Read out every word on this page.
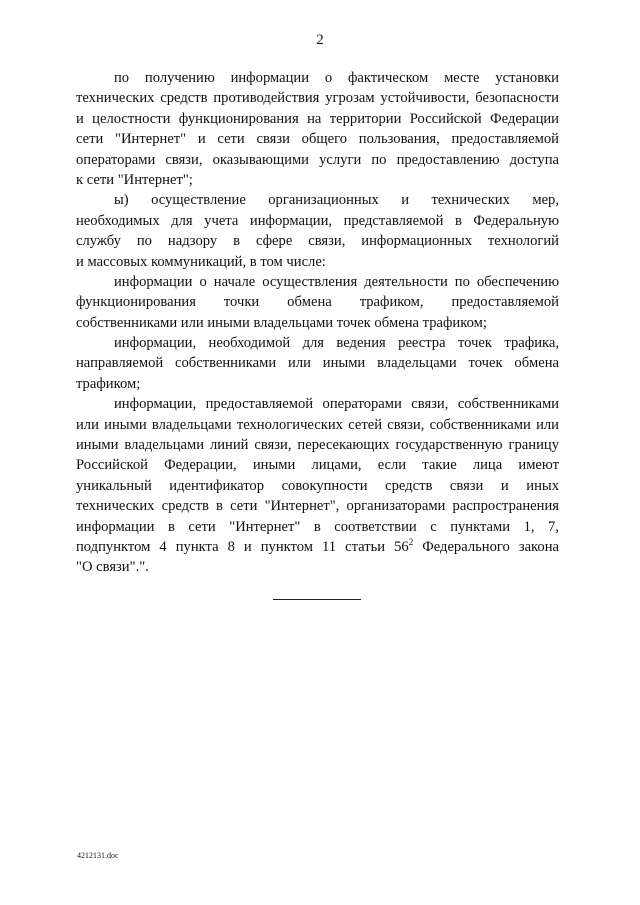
2
по получению информации о фактическом месте установки
технических средств противодействия угрозам устойчивости, безопасности
и целостности функционирования на территории Российской Федерации
сети "Интернет" и сети связи общего пользования, предоставляемой
операторами связи, оказывающими услуги по предоставлению доступа
к сети "Интернет";
ы) осуществление организационных и технических мер,
необходимых для учета информации, представляемой в Федеральную
службу по надзору в сфере связи, информационных технологий
и массовых коммуникаций, в том числе:
информации о начале осуществления деятельности по обеспечению
функционирования точки обмена трафиком, предоставляемой
собственниками или иными владельцами точек обмена трафиком;
информации, необходимой для ведения реестра точек трафика,
направляемой собственниками или иными владельцами точек обмена
трафиком;
информации, предоставляемой операторами связи, собственниками
или иными владельцами технологических сетей связи, собственниками или
иными владельцами линий связи, пересекающих государственную границу
Российской Федерации, иными лицами, если такие лица имеют
уникальный идентификатор совокупности средств связи и иных
технических средств в сети "Интернет", организаторами распространения
информации в сети "Интернет" в соответствии с пунктами 1, 7,
подпунктом 4 пункта 8 и пунктом 11 статьи $56^2$ Федерального закона
"О связи".".
4212131.doc
